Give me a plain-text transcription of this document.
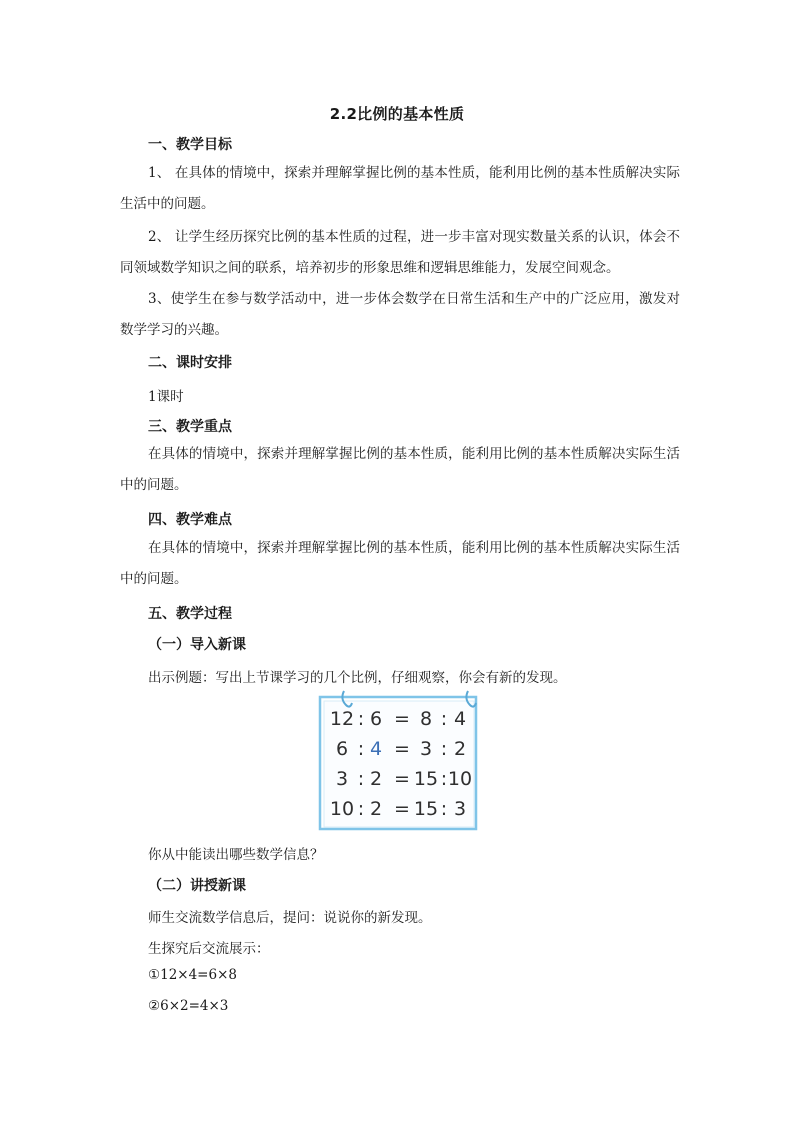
2.2比例的基本性质
一、教学目标
1、 在具体的情境中，探索并理解掌握比例的基本性质，能利用比例的基本性质解决实际生活中的问题。
2、 让学生经历探究比例的基本性质的过程，进一步丰富对现实数量关系的认识，体会不同领域数学知识之间的联系，培养初步的形象思维和逻辑思维能力，发展空间观念。
3、使学生在参与数学活动中，进一步体会数学在日常生活和生产中的广泛应用，激发对数学学习的兴趣。
二、课时安排
1课时
三、教学重点
在具体的情境中，探索并理解掌握比例的基本性质，能利用比例的基本性质解决实际生活中的问题。
四、教学难点
在具体的情境中，探索并理解掌握比例的基本性质，能利用比例的基本性质解决实际生活中的问题。
五、教学过程
（一）导入新课
出示例题：写出上节课学习的几个比例，仔细观察，你会有新的发现。
12 : 6 = 8 : 4
6 : 4 = 3 : 2
3 : 2 = 15 : 10
10 : 2 = 15 : 3
你从中能读出哪些数学信息？
（二）讲授新课
师生交流数学信息后，提问：说说你的新发现。
生探究后交流展示：
①12×4=6×8
②6×2=4×3
